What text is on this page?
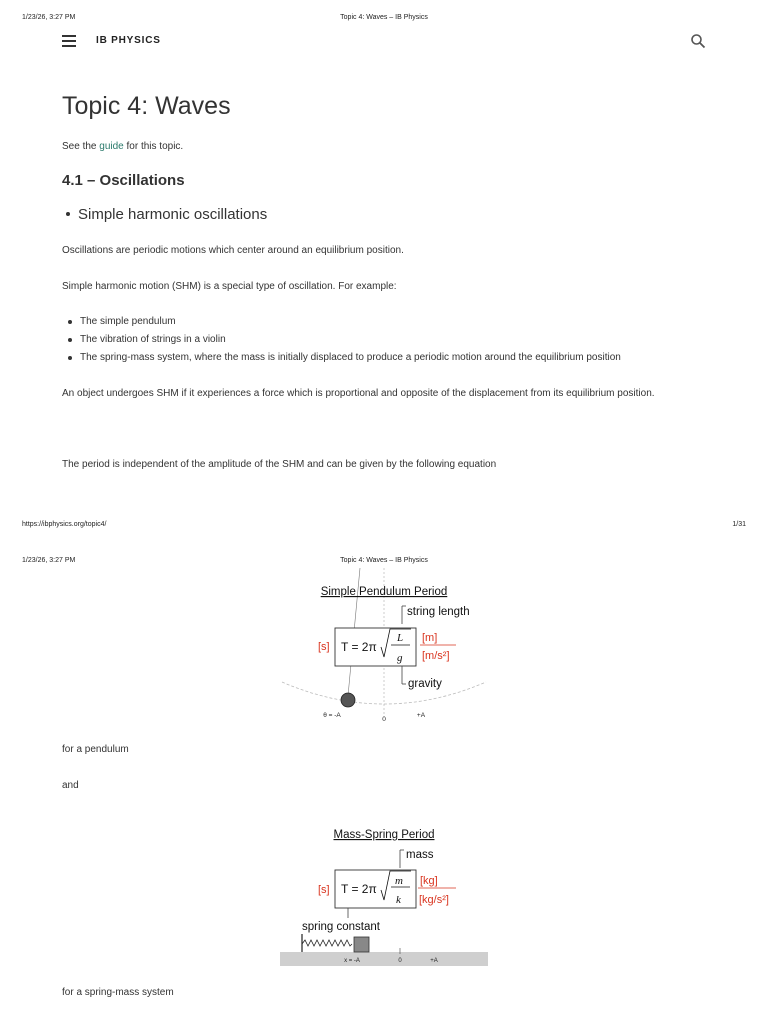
1/23/26, 3:27 PM	Topic 4: Waves – IB Physics
IB PHYSICS
Topic 4: Waves

See the guide for this topic.

4.1 – Oscillations
Simple harmonic oscillations

Oscillations are periodic motions which center around an equilibrium position.

Simple harmonic motion (SHM) is a special type of oscillation. For example:

The simple pendulum
The vibration of strings in a violin
The spring-mass system, where the mass is initially displaced to produce a periodic motion around the equilibrium position

An object undergoes SHM if it experiences a force which is proportional and opposite of the displacement from its equilibrium position.

The period is independent of the amplitude of the SHM and can be given by the following equation

https://ibphysics.org/topic4/	1/31
1/23/26, 3:27 PM	Topic 4: Waves – IB Physics
Simple Pendulum Period
string length
[s] T = 2π
L
g
[m]
[m/s²]
gravity
θ = -A
0
+A

for a pendulum

and

Mass-Spring Period
mass
[s] T = 2π
m
k
[kg]
[kg/s²]
spring constant
x = -A	0	+A

for a spring-mass system
